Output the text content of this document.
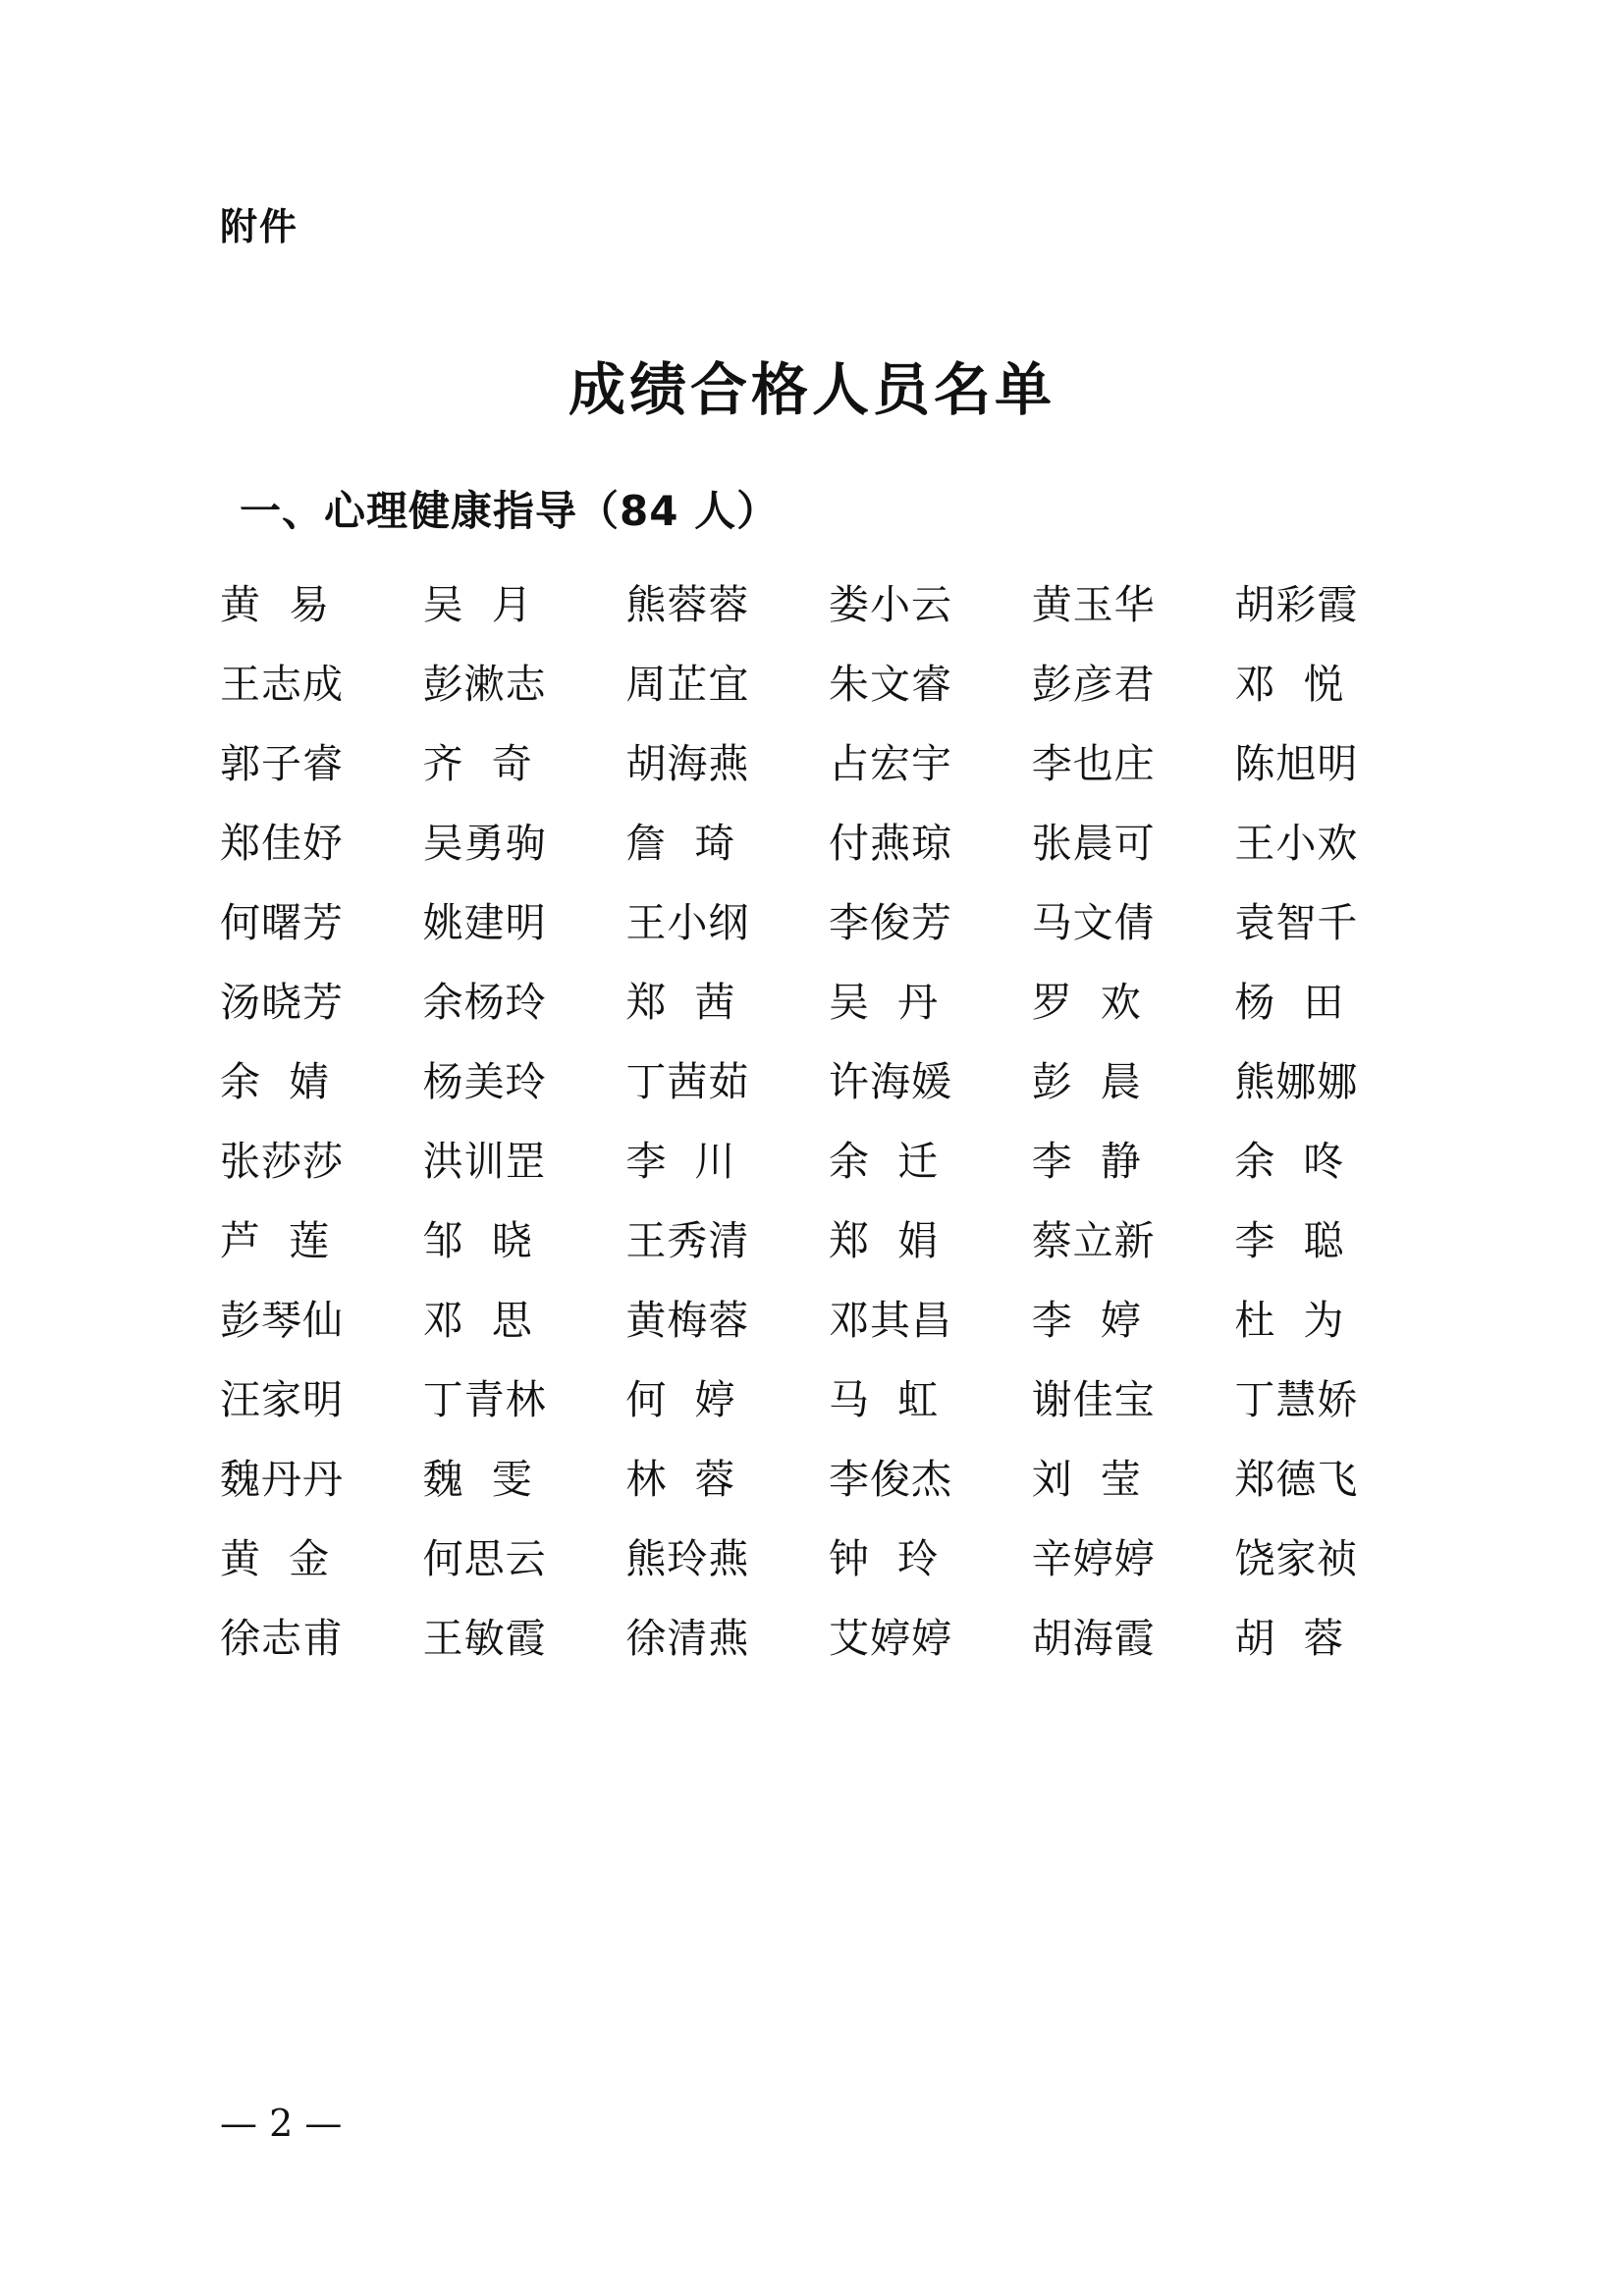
附件
成绩合格人员名单
一、心理健康指导（84 人）
黄  易	吴  月	熊蓉蓉	娄小云	黄玉华	胡彩霞
王志成	彭漱志	周芷宜	朱文睿	彭彦君	邓  悦
郭子睿	齐  奇	胡海燕	占宏宇	李也庄	陈旭明
郑佳妤	吴勇驹	詹  琦	付燕琼	张晨可	王小欢
何曙芳	姚建明	王小纲	李俊芳	马文倩	袁智千
汤晓芳	余杨玲	郑  茜	吴  丹	罗  欢	杨  田
余  婧	杨美玲	丁茜茹	许海媛	彭  晨	熊娜娜
张莎莎	洪训罡	李  川	余  迁	李  静	余  咚
芦  莲	邹  晓	王秀清	郑  娟	蔡立新	李  聪
彭琴仙	邓  思	黄梅蓉	邓其昌	李  婷	杜  为
汪家明	丁青林	何  婷	马  虹	谢佳宝	丁慧娇
魏丹丹	魏  雯	林  蓉	李俊杰	刘  莹	郑德飞
黄  金	何思云	熊玲燕	钟  玲	辛婷婷	饶家祯
徐志甫	王敏霞	徐清燕	艾婷婷	胡海霞	胡  蓉
— 2 —
